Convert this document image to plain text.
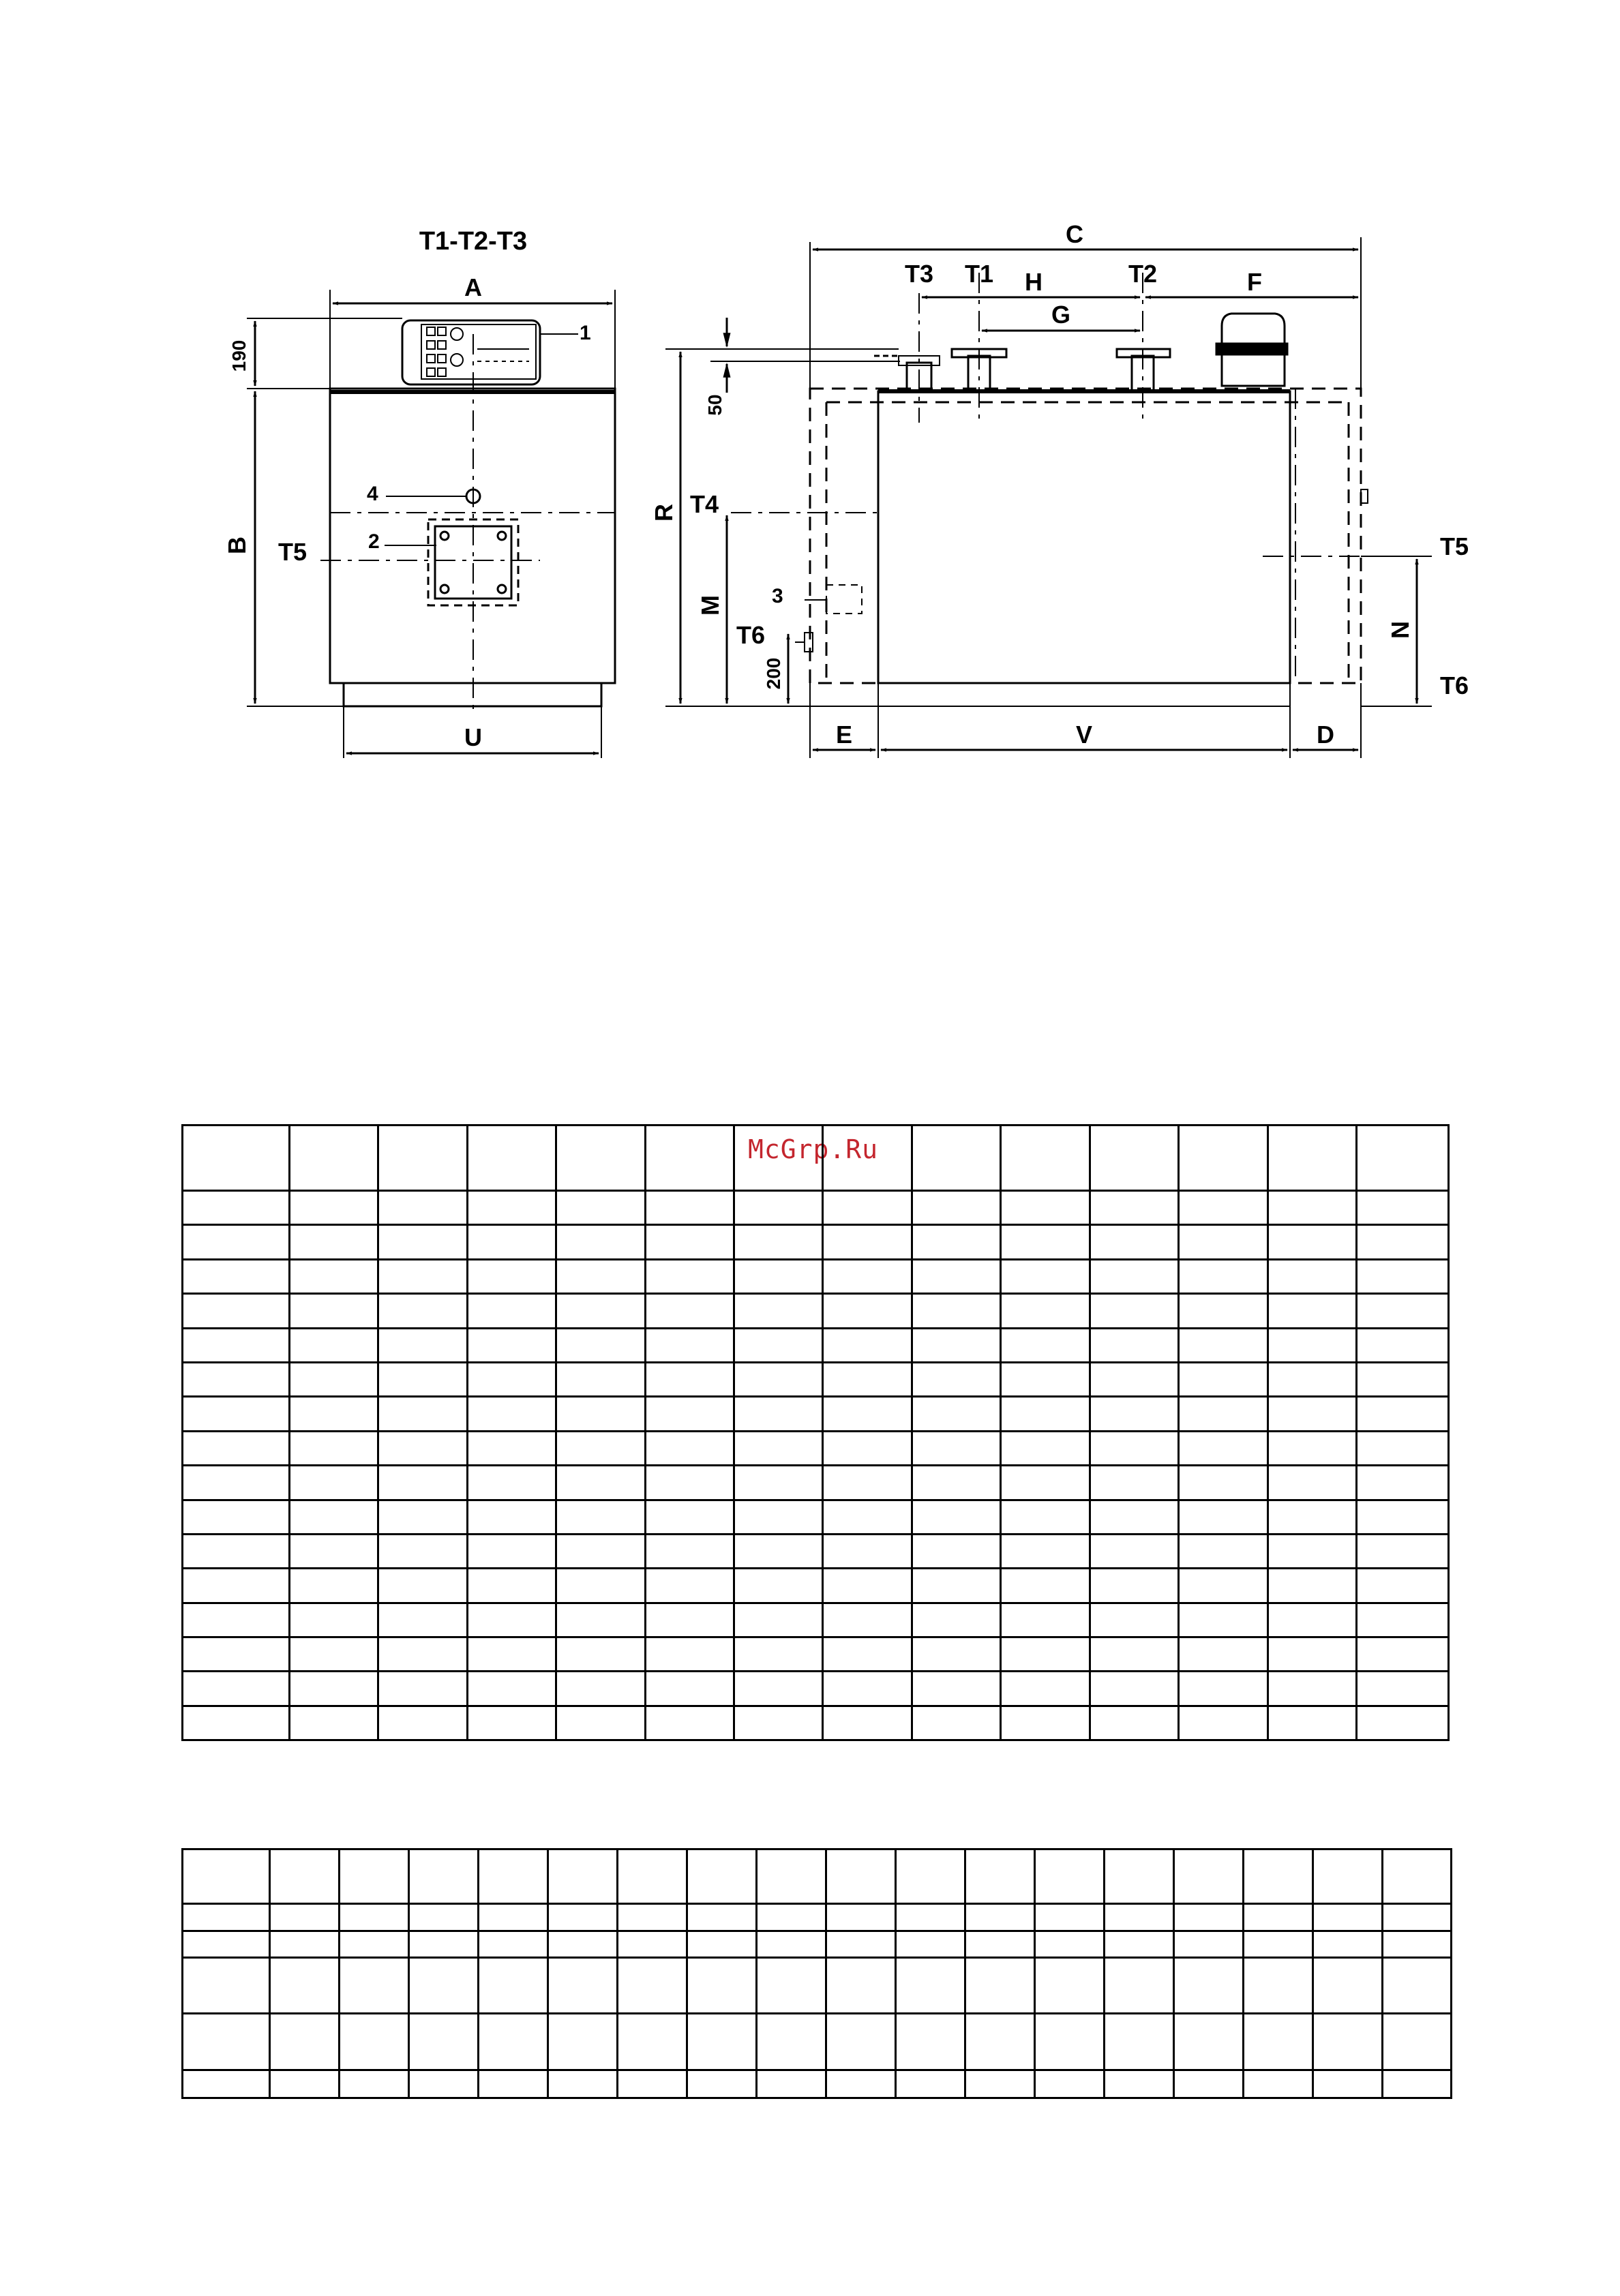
T1-T2-T3
A
U
190
B
1
4
2
T5
C
T3 T1 H	T2	F
G
50
R T4
M 3
T6
200
E	V	D
T5
N
T6
McGrp.Ru
